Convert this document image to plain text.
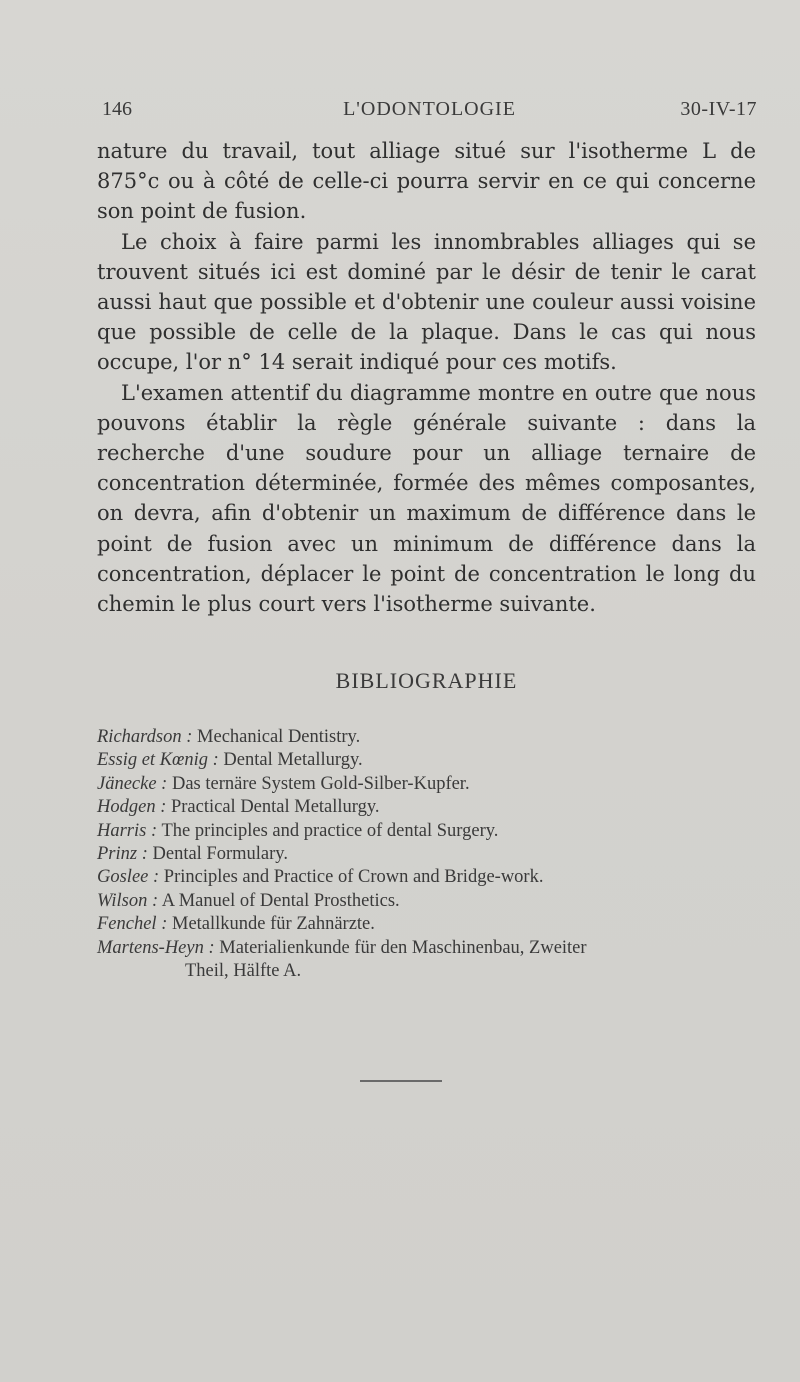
146	L'ODONTOLOGIE	30-IV-17

nature du travail, tout alliage situé sur l'isotherme L de 875°c ou à côté de celle-ci pourra servir en ce qui concerne son point de fusion.

Le choix à faire parmi les innombrables alliages qui se trouvent situés ici est dominé par le désir de tenir le carat aussi haut que possible et d'obtenir une couleur aussi voisine que possible de celle de la plaque. Dans le cas qui nous occupe, l'or n° 14 serait indiqué pour ces motifs.

L'examen attentif du diagramme montre en outre que nous pouvons établir la règle générale suivante : dans la recherche d'une soudure pour un alliage ternaire de concentration déterminée, formée des mêmes composantes, on devra, afin d'obtenir un maximum de différence dans le point de fusion avec un minimum de différence dans la concentration, déplacer le point de concentration le long du chemin le plus court vers l'isotherme suivante.

BIBLIOGRAPHIE
Richardson : Mechanical Dentistry.
Essig et Kœnig : Dental Metallurgy.
Jänecke : Das ternäre System Gold-Silber-Kupfer.
Hodgen : Practical Dental Metallurgy.
Harris : The principles and practice of dental Surgery.
Prinz : Dental Formulary.
Goslee : Principles and Practice of Crown and Bridge-work.
Wilson : A Manuel of Dental Prosthetics.
Fenchel : Metallkunde für Zahnärzte.
Martens-Heyn : Materialienkunde für den Maschinenbau, Zweiter
Theil, Hälfte A.
